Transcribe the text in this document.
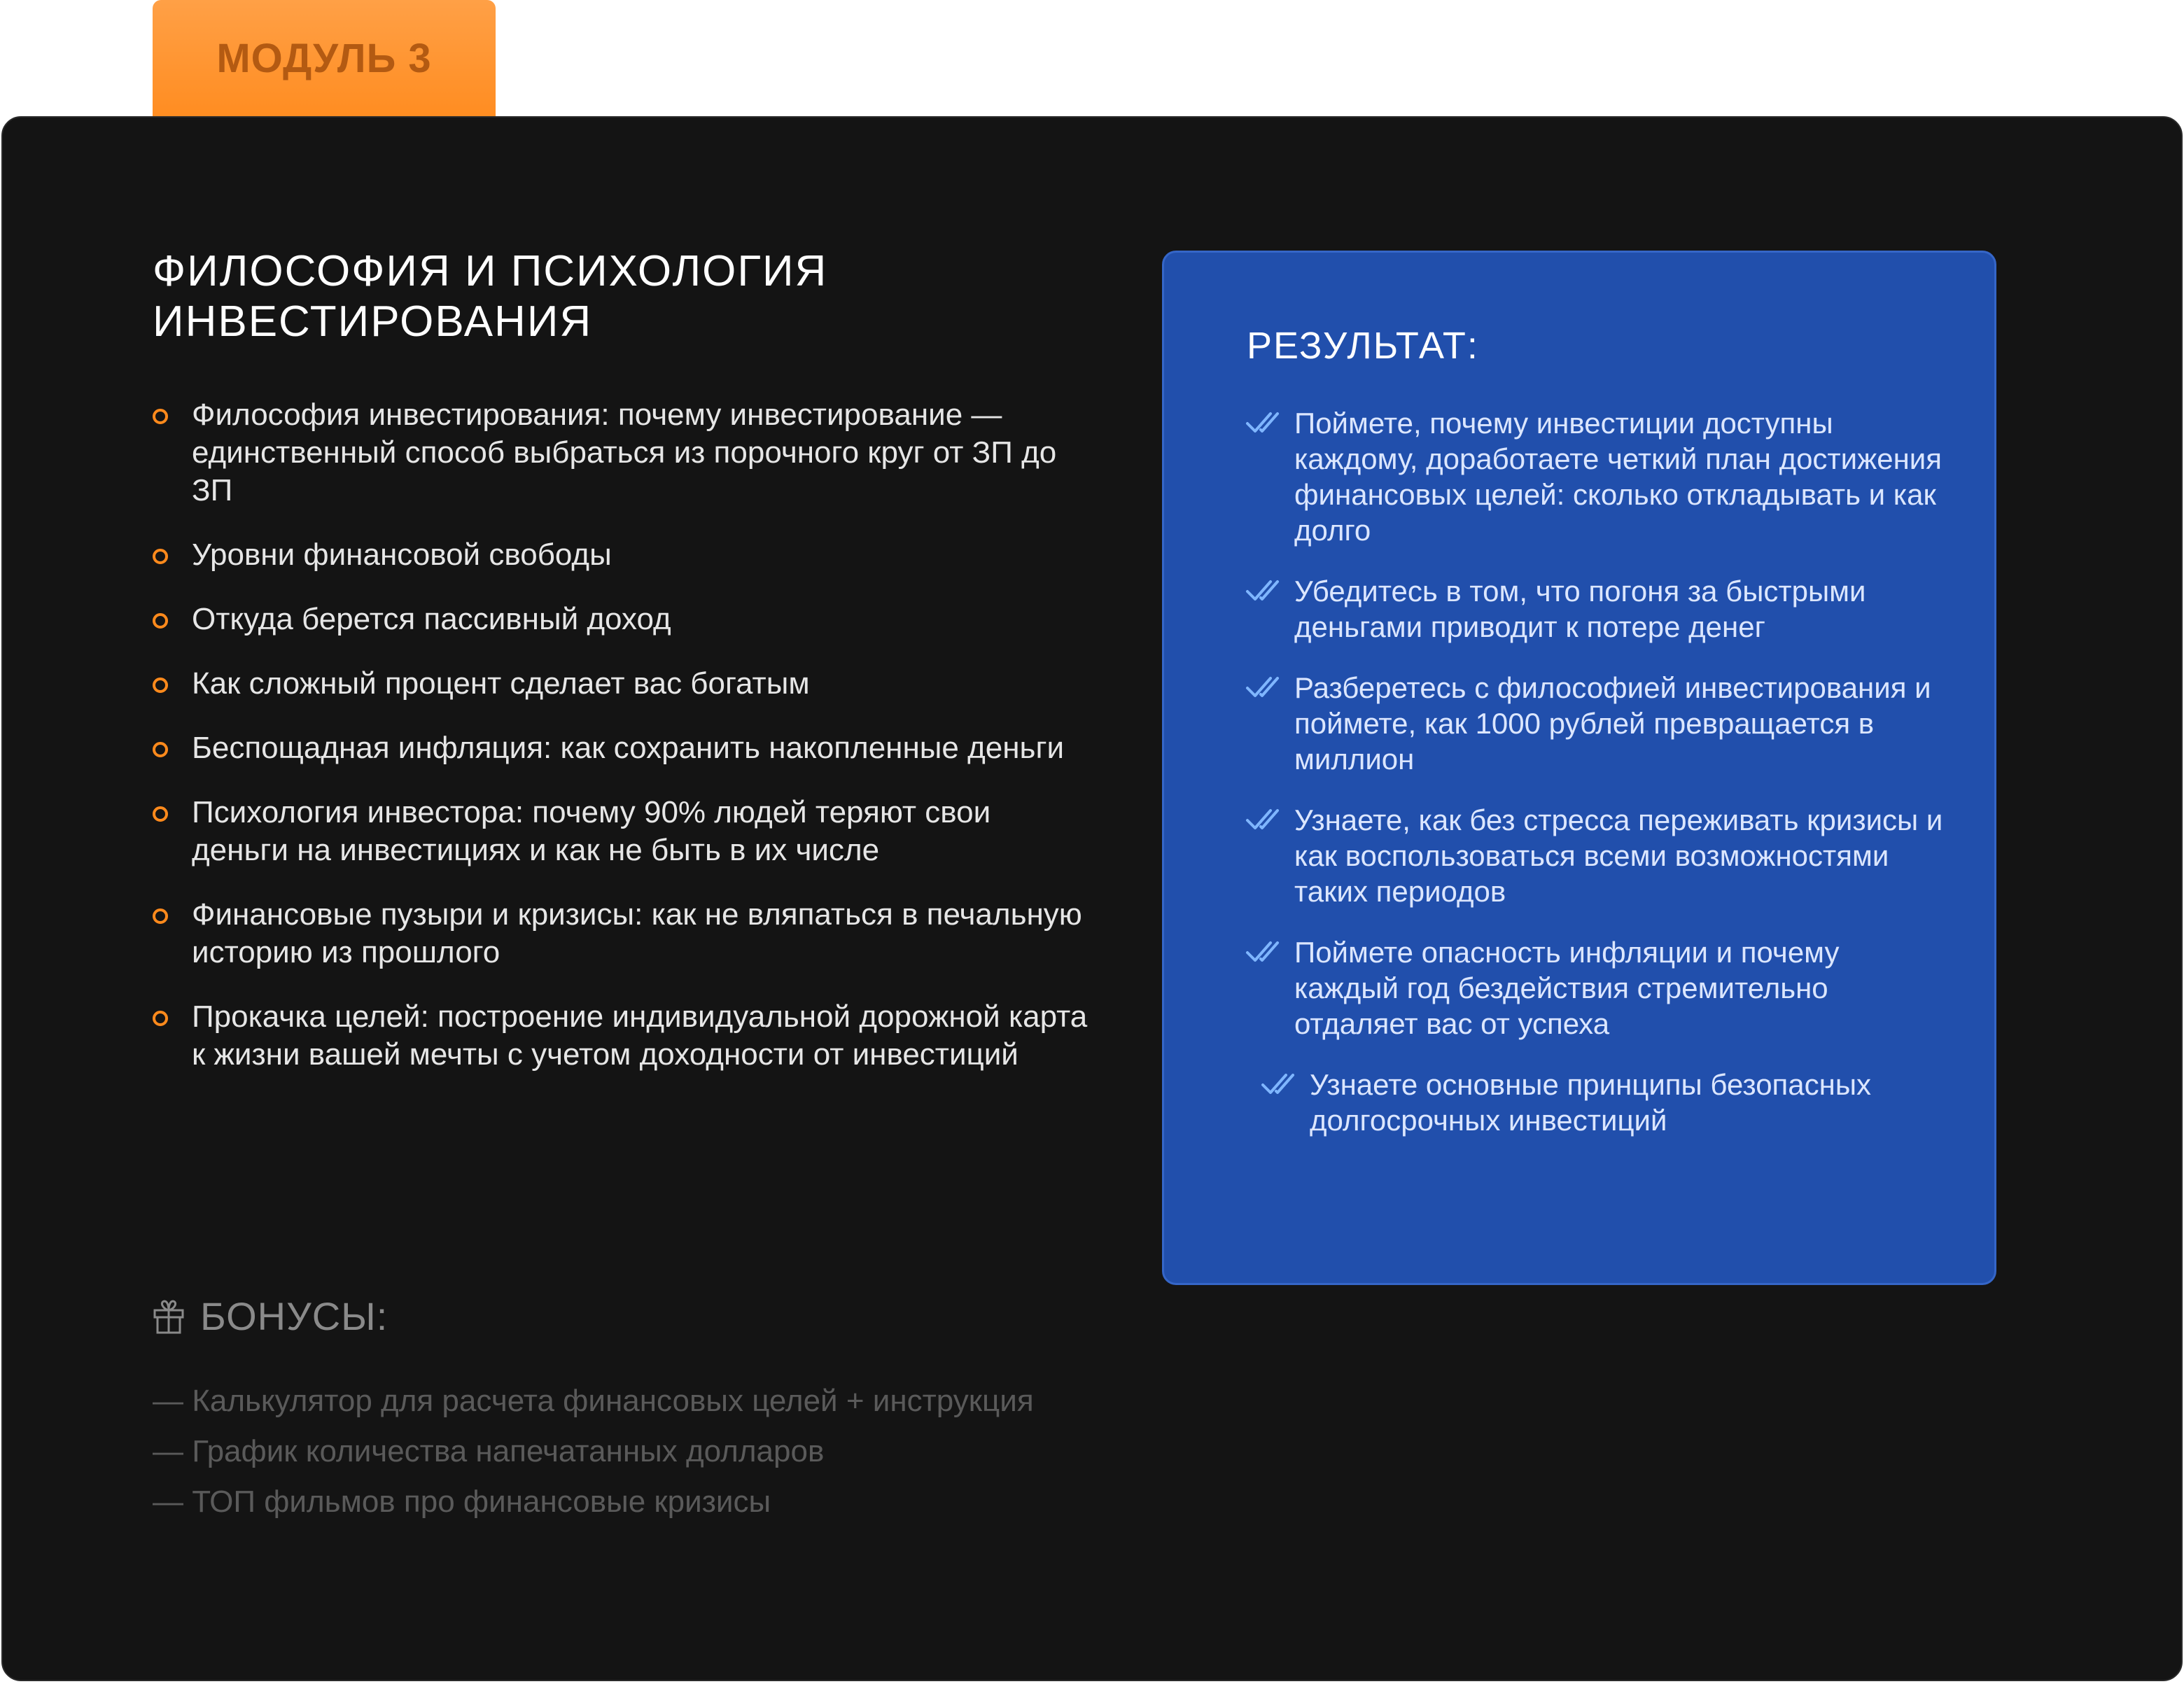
МОДУЛЬ 3
ФИЛОСОФИЯ И ПСИХОЛОГИЯ ИНВЕСТИРОВАНИЯ
Философия инвестирования: почему инвестирование — единственный способ выбраться из порочного круг от ЗП до ЗП
Уровни финансовой свободы
Откуда берется пассивный доход
Как сложный процент сделает вас богатым
Беспощадная инфляция: как сохранить накопленные деньги
Психология инвестора: почему 90% людей теряют свои деньги на инвестициях и как не быть в их числе
Финансовые пузыри и кризисы: как не вляпаться в печальную историю из прошлого
Прокачка целей: построение индивидуальной дорожной карта к жизни вашей мечты с учетом доходности от инвестиций
РЕЗУЛЬТАТ:
Поймете, почему инвестиции доступны каждому, доработаете четкий план достижения финансовых целей: сколько откладывать и как долго
Убедитесь в том, что погоня за быстрыми деньгами приводит к потере денег
Разберетесь с философией инвестирования и поймете, как 1000 рублей превращается в миллион
Узнаете, как без стресса переживать кризисы и как воспользоваться всеми возможностями таких периодов
Поймете опасность инфляции и почему каждый год бездействия стремительно отдаляет вас от успеха
Узнаете основные принципы безопасных долгосрочных инвестиций
БОНУСЫ:
— Калькулятор для расчета финансовых целей + инструкция
— График количества напечатанных долларов
— ТОП фильмов про финансовые кризисы
